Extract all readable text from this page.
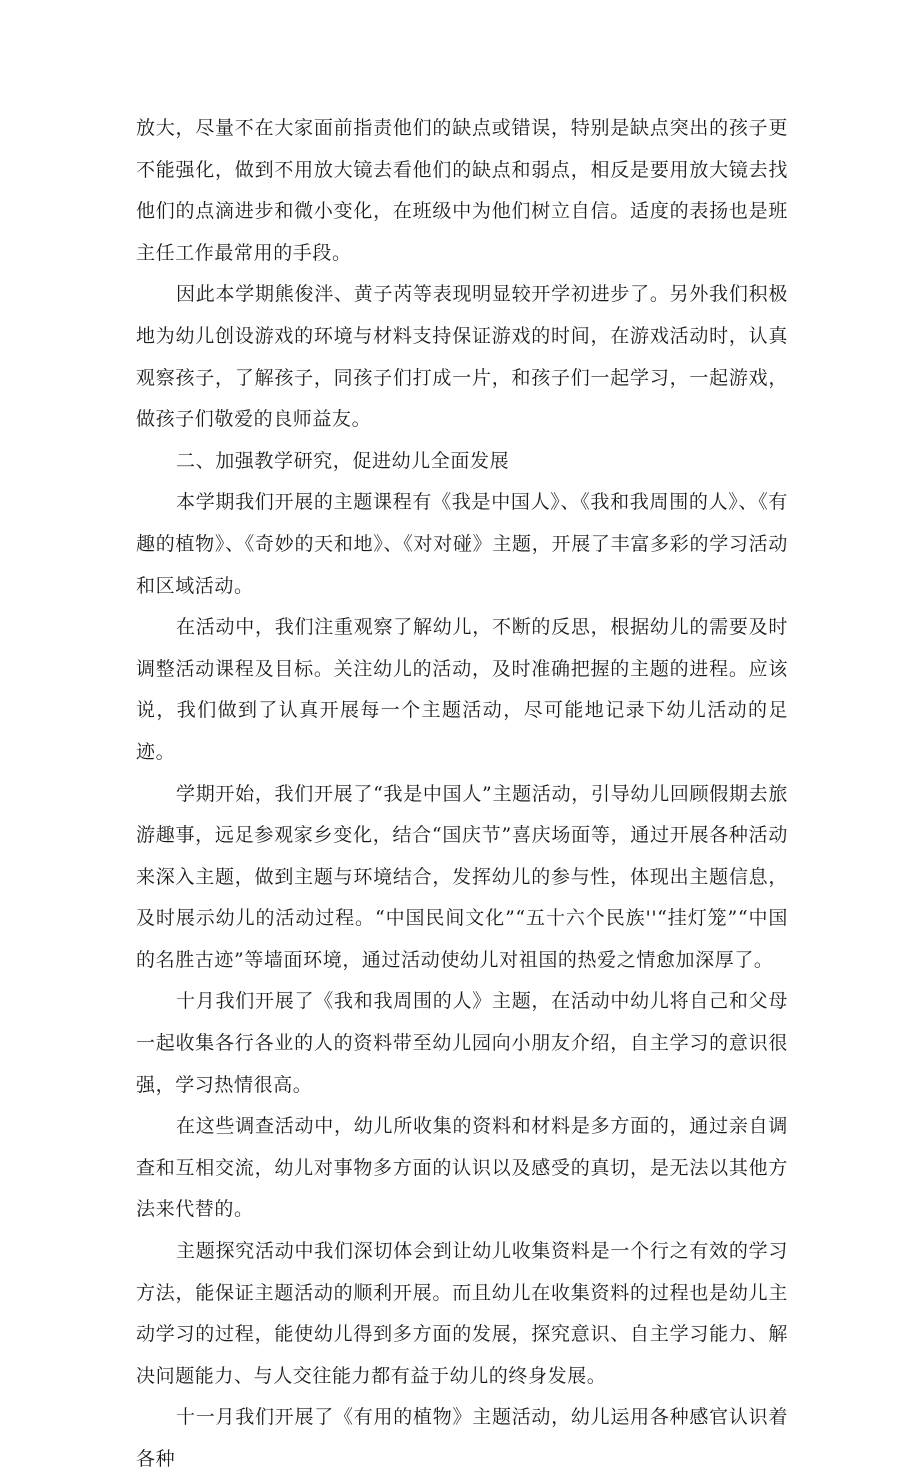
放大，尽量不在大家面前指责他们的缺点或错误，特别是缺点突出的孩子更不能强化，做到不用放大镜去看他们的缺点和弱点，相反是要用放大镜去找他们的点滴进步和微小变化，在班级中为他们树立自信。适度的表扬也是班主任工作最常用的手段。

因此本学期熊俊泮、黄子芮等表现明显较开学初进步了。另外我们积极地为幼儿创设游戏的环境与材料支持保证游戏的时间，在游戏活动时，认真观察孩子，了解孩子，同孩子们打成一片，和孩子们一起学习，一起游戏，做孩子们敬爱的良师益友。

二、加强教学研究，促进幼儿全面发展

本学期我们开展的主题课程有《我是中国人》、《我和我周围的人》、《有趣的植物》、《奇妙的天和地》、《对对碰》主题，开展了丰富多彩的学习活动和区域活动。

在活动中，我们注重观察了解幼儿，不断的反思，根据幼儿的需要及时调整活动课程及目标。关注幼儿的活动，及时准确把握的主题的进程。应该说，我们做到了认真开展每一个主题活动，尽可能地记录下幼儿活动的足迹。

学期开始，我们开展了“我是中国人”主题活动，引导幼儿回顾假期去旅游趣事，远足参观家乡变化，结合“国庆节”喜庆场面等，通过开展各种活动来深入主题，做到主题与环境结合，发挥幼儿的参与性，体现出主题信息，及时展示幼儿的活动过程。“中国民间文化”“五十六个民族''“挂灯笼”“中国的名胜古迹”等墙面环境，通过活动使幼儿对祖国的热爱之情愈加深厚了。

十月我们开展了《我和我周围的人》主题，在活动中幼儿将自己和父母一起收集各行各业的人的资料带至幼儿园向小朋友介绍，自主学习的意识很强，学习热情很高。

在这些调查活动中，幼儿所收集的资料和材料是多方面的，通过亲自调查和互相交流，幼儿对事物多方面的认识以及感受的真切，是无法以其他方法来代替的。

主题探究活动中我们深切体会到让幼儿收集资料是一个行之有效的学习方法，能保证主题活动的顺利开展。而且幼儿在收集资料的过程也是幼儿主动学习的过程，能使幼儿得到多方面的发展，探究意识、自主学习能力、解决问题能力、与人交往能力都有益于幼儿的终身发展。

十一月我们开展了《有用的植物》主题活动，幼儿运用各种感官认识着各种
